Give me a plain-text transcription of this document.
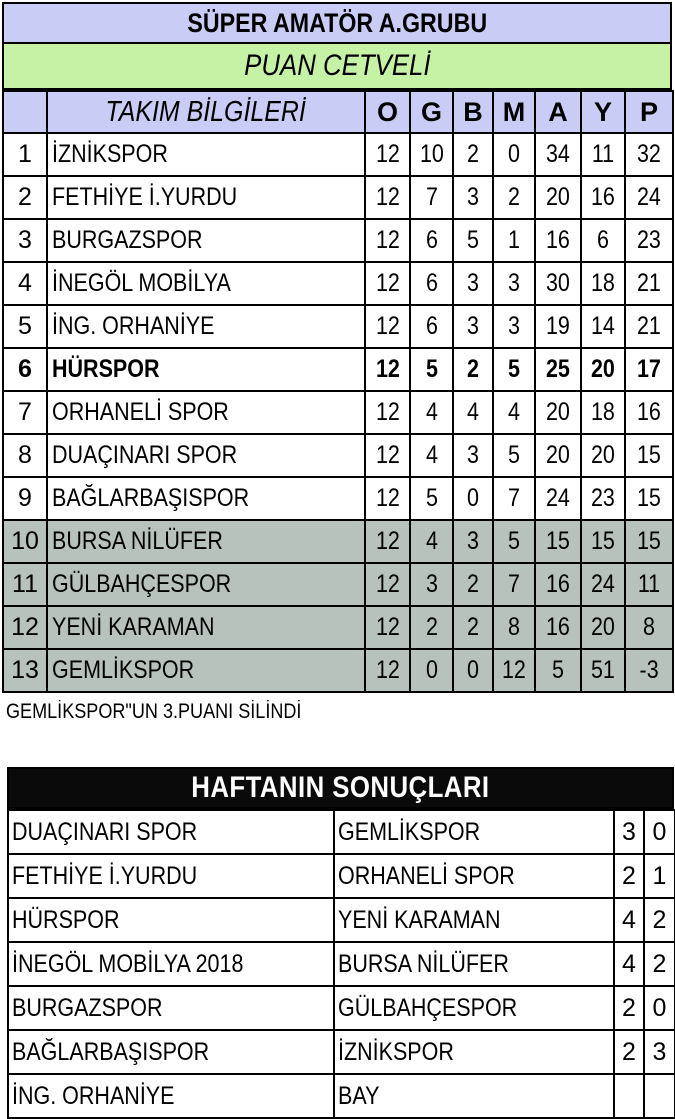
SÜPER AMATÖR A.GRUBU
PUAN CETVELİ
	TAKIM BİLGİLERİ	O	G	B	M	A	Y	P
1	İZNİKSPOR	12	10	2	0	34	11	32
2	FETHİYE İ.YURDU	12	7	3	2	20	16	24
3	BURGAZSPOR	12	6	5	1	16	6	23
4	İNEGÖL MOBİLYA	12	6	3	3	30	18	21
5	İNG. ORHANİYE	12	6	3	3	19	14	21
6	HÜRSPOR	12	5	2	5	25	20	17
7	ORHANELİ SPOR	12	4	4	4	20	18	16
8	DUAÇINARI SPOR	12	4	3	5	20	20	15
9	BAĞLARBAŞISPOR	12	5	0	7	24	23	15
10	BURSA NİLÜFER	12	4	3	5	15	15	15
11	GÜLBAHÇESPOR	12	3	2	7	16	24	11
12	YENİ KARAMAN	12	2	2	8	16	20	8
13	GEMLİKSPOR	12	0	0	12	5	51	-3
GEMLİKSPOR"UN 3.PUANI SİLİNDİ
HAFTANIN SONUÇLARI
DUAÇINARI SPOR	GEMLİKSPOR	3	0
FETHİYE İ.YURDU	ORHANELİ SPOR	2	1
HÜRSPOR	YENİ KARAMAN	4	2
İNEGÖL MOBİLYA 2018	BURSA NİLÜFER	4	2
BURGAZSPOR	GÜLBAHÇESPOR	2	0
BAĞLARBAŞISPOR	İZNİKSPOR	2	3
İNG. ORHANİYE	BAY		
